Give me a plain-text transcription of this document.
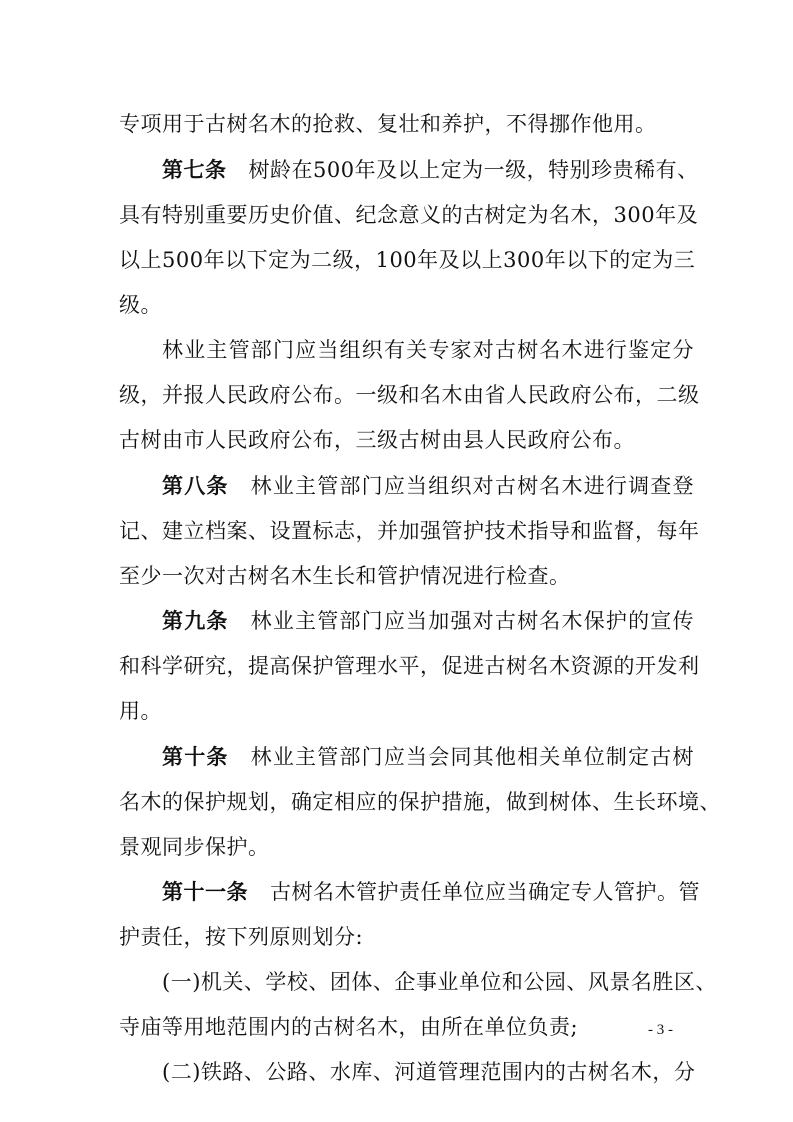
专项用于古树名木的抢救、复壮和养护，不得挪作他用。
第七条 树龄在500年及以上定为一级，特别珍贵稀有、
具有特别重要历史价值、纪念意义的古树定为名木，300年及
以上500年以下定为二级，100年及以上300年以下的定为三
级。
林业主管部门应当组织有关专家对古树名木进行鉴定分
级，并报人民政府公布。一级和名木由省人民政府公布，二级
古树由市人民政府公布，三级古树由县人民政府公布。
第八条 林业主管部门应当组织对古树名木进行调查登
记、建立档案、设置标志，并加强管护技术指导和监督，每年
至少一次对古树名木生长和管护情况进行检查。
第九条 林业主管部门应当加强对古树名木保护的宣传
和科学研究，提高保护管理水平，促进古树名木资源的开发利
用。
第十条 林业主管部门应当会同其他相关单位制定古树
名木的保护规划，确定相应的保护措施，做到树体、生长环境、
景观同步保护。
第十一条 古树名木管护责任单位应当确定专人管护。管
护责任，按下列原则划分:
(一)机关、学校、团体、企事业单位和公园、风景名胜区、
寺庙等用地范围内的古树名木，由所在单位负责;
(二)铁路、公路、水库、河道管理范围内的古树名木，分
- 3 -
